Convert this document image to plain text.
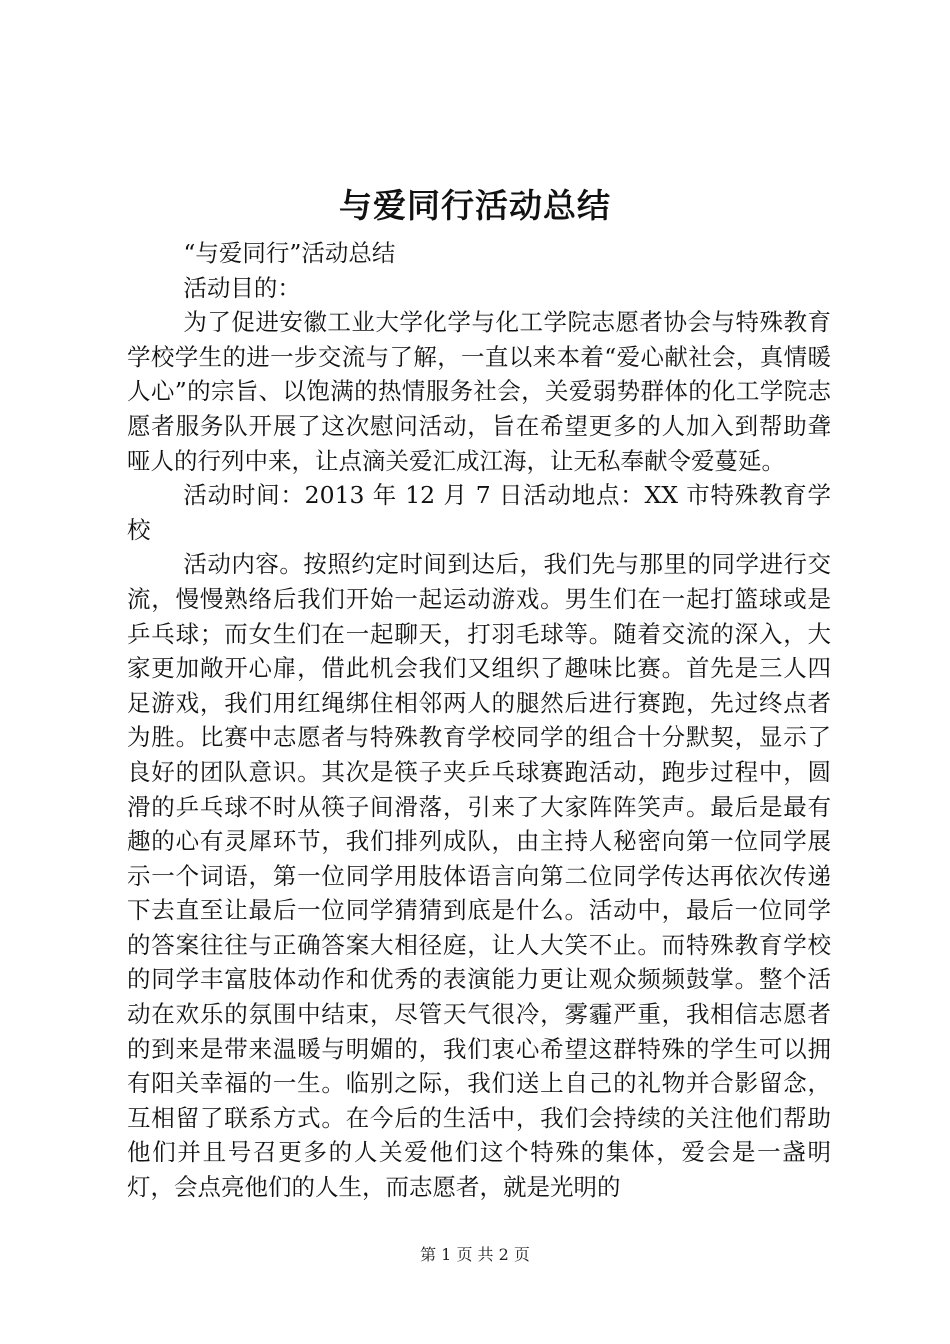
与爱同行活动总结

“与爱同行”活动总结

活动目的：

为了促进安徽工业大学化学与化工学院志愿者协会与特殊教育学校学生的进一步交流与了解，一直以来本着“爱心献社会，真情暖人心”的宗旨、以饱满的热情服务社会，关爱弱势群体的化工学院志愿者服务队开展了这次慰问活动，旨在希望更多的人加入到帮助聋哑人的行列中来，让点滴关爱汇成江海，让无私奉献令爱蔓延。

活动时间：2013 年 12 月 7 日活动地点：XX 市特殊教育学校

活动内容。按照约定时间到达后，我们先与那里的同学进行交流，慢慢熟络后我们开始一起运动游戏。男生们在一起打篮球或是乒乓球；而女生们在一起聊天，打羽毛球等。随着交流的深入，大家更加敞开心扉，借此机会我们又组织了趣味比赛。首先是三人四足游戏，我们用红绳绑住相邻两人的腿然后进行赛跑，先过终点者为胜。比赛中志愿者与特殊教育学校同学的组合十分默契，显示了良好的团队意识。其次是筷子夹乒乓球赛跑活动，跑步过程中，圆滑的乒乓球不时从筷子间滑落，引来了大家阵阵笑声。最后是最有趣的心有灵犀环节，我们排列成队，由主持人秘密向第一位同学展示一个词语，第一位同学用肢体语言向第二位同学传达再依次传递下去直至让最后一位同学猜猜到底是什么。活动中，最后一位同学的答案往往与正确答案大相径庭，让人大笑不止。而特殊教育学校的同学丰富肢体动作和优秀的表演能力更让观众频频鼓掌。整个活动在欢乐的氛围中结束，尽管天气很冷，雾霾严重，我相信志愿者的到来是带来温暖与明媚的，我们衷心希望这群特殊的学生可以拥有阳关幸福的一生。临别之际，我们送上自己的礼物并合影留念，互相留了联系方式。在今后的生活中，我们会持续的关注他们帮助他们并且号召更多的人关爱他们这个特殊的集体，爱会是一盏明灯，会点亮他们的人生，而志愿者，就是光明的

第 1 页 共 2 页
